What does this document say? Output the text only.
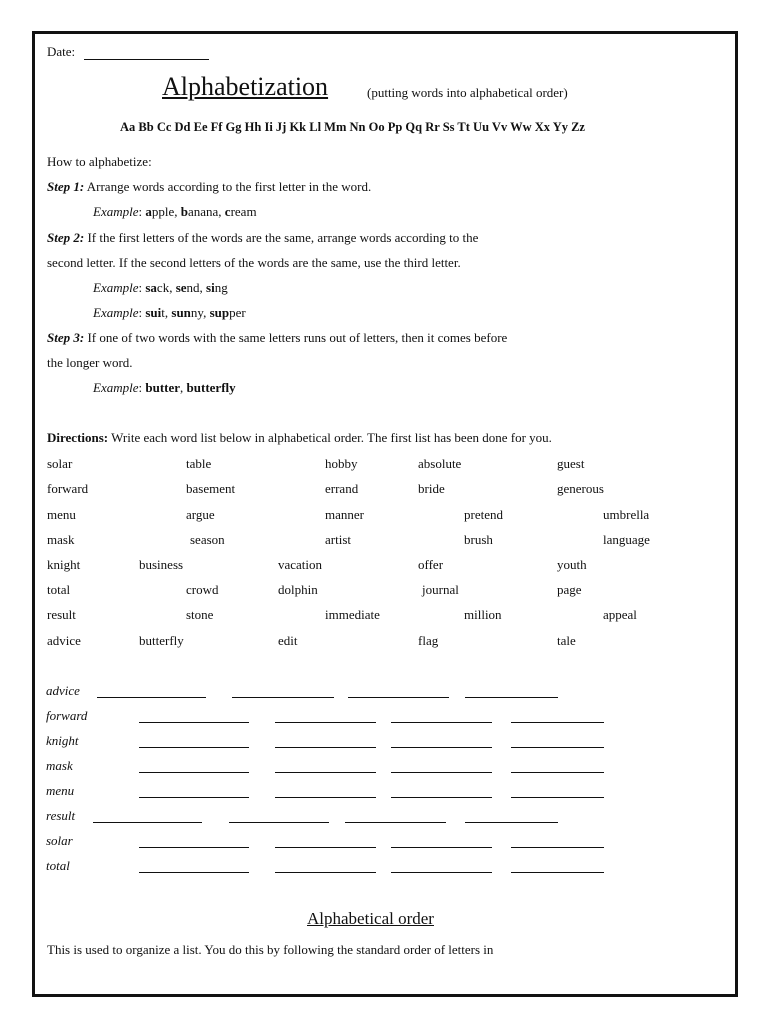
Date:
Alphabetization	(putting words into alphabetical order)
Aa Bb Cc Dd Ee Ff Gg Hh Ii Jj Kk Ll Mm Nn Oo Pp Qq Rr Ss Tt Uu Vv Ww Xx Yy Zz
How to alphabetize:
Step 1: Arrange words according to the first letter in the word.
Example: apple, banana, cream
Step 2: If the first letters of the words are the same, arrange words according to the
second letter. If the second letters of the words are the same, use the third letter.
Example: sack, send, sing
Example: suit, sunny, supper
Step 3: If one of two words with the same letters runs out of letters, then it comes before
the longer word.
Example: butter, butterfly
Directions: Write each word list below in alphabetical order. The first list has been done for you.
solar	table	hobby	absolute	guest
forward	basement	errand	bride	generous
menu	argue	manner	pretend	umbrella
mask	season	artist	brush	language
knight	business	vacation	offer	youth
total	crowd	dolphin	journal	page
result	stone	immediate	million	appeal
advice	butterfly	edit	flag	tale
advice
forward
knight
mask
menu
result
solar
total
Alphabetical order
This is used to organize a list. You do this by following the standard order of letters in
